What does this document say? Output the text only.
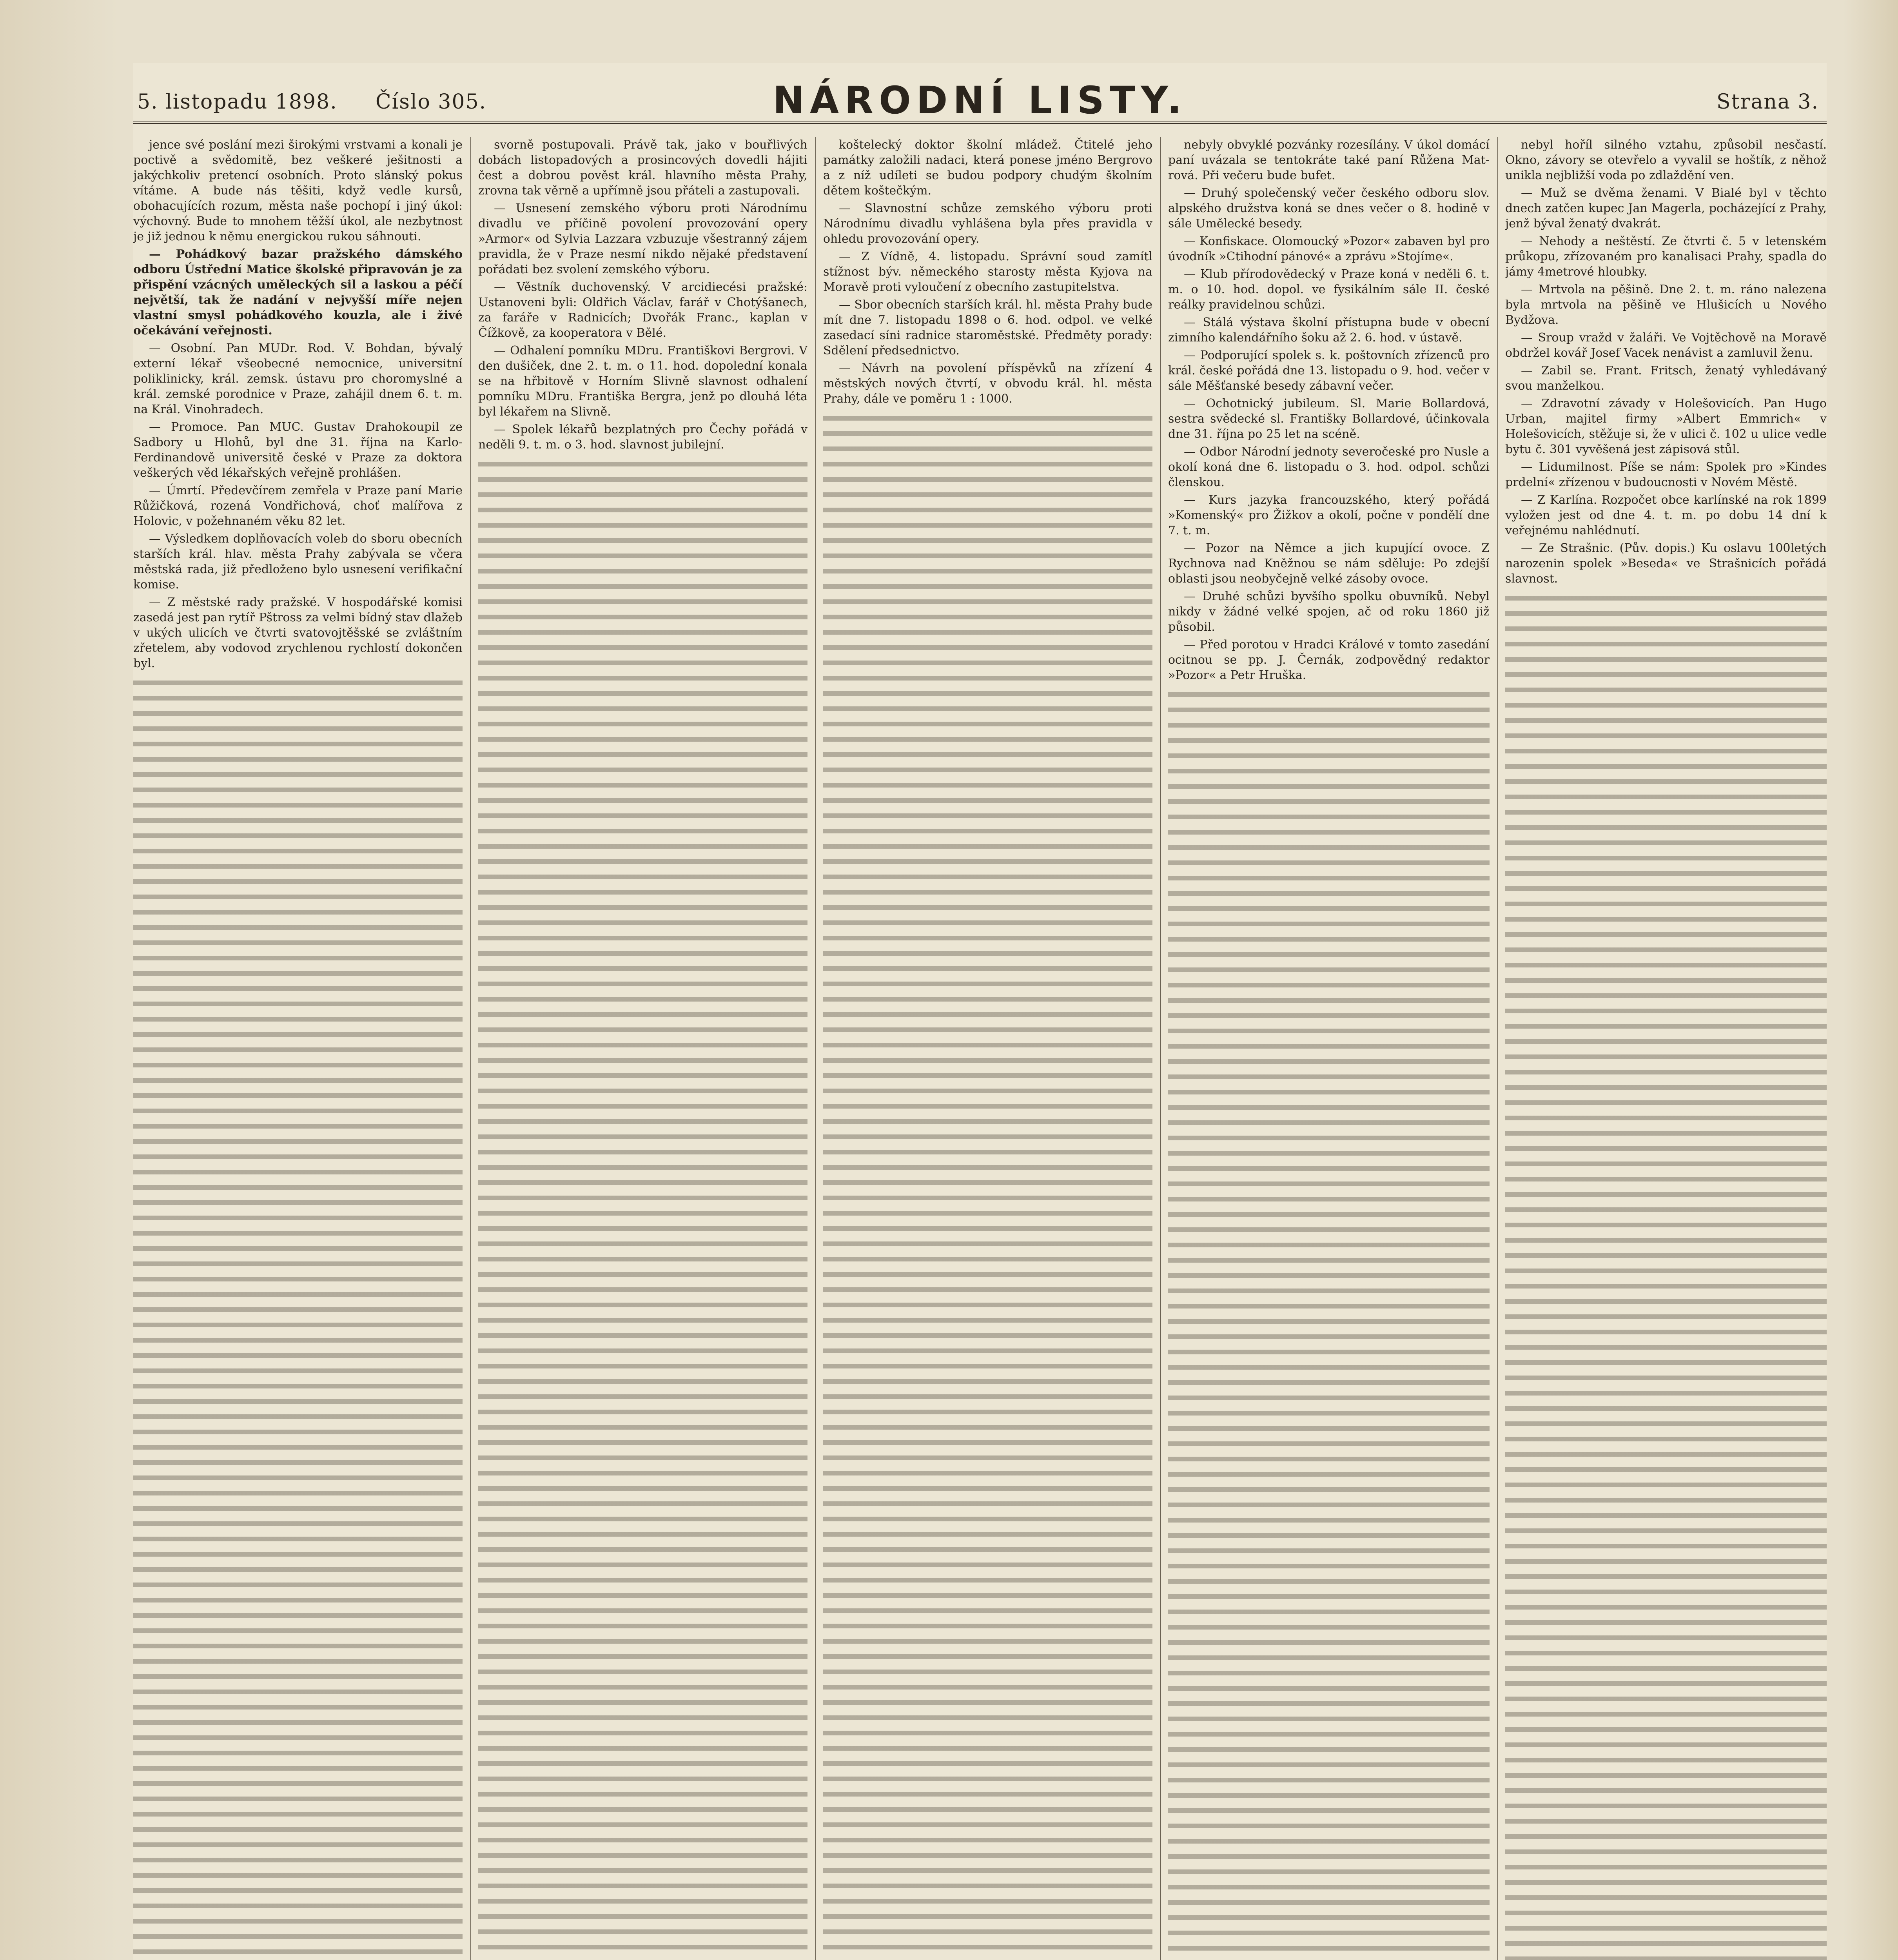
5. listopadu 1898. Číslo 305.	NÁRODNÍ LISTY.	Strana 3.

jence své poslání mezi širokými vrstvami a konali je poctivě a svědomitě, bez veškeré ješitnosti a jakýchkoliv pretencí osobních. Proto slánský pokus vítáme. A bude nás těšiti, když vedle kursů, obohacujících rozum, města naše pochopí i jiný úkol: výchovný. Bude to mnohem těžší úkol, ale nezbytnost je již jednou k němu energickou rukou sáhnouti.

— Pohádkový bazar pražského dámského odboru Ústřední Matice školské připravován je za přispění vzácných uměleckých sil a laskou a péčí největší, tak že nadání v nejvyšší míře nejen vlastní smysl pohádkového kouzla, ale i živé očekávání veřejnosti.

— Osobní. Pan MUDr. Rod. V. Bohdan, bývalý externí lékař všeobecné nemocnice, universitní poliklinicky, král. zemsk. ústavu pro choromyslné a král. zemské porodnice v Praze, zahájil dnem 6. t. m. na Král. Vinohradech.

— Promoce. Pan MUC. Gustav Drahokoupil ze Sadbory u Hlohů, byl dne 31. října na Karlo-Ferdinandově universitě české v Praze za doktora veškerých věd lékařských veřejně prohlášen.

— Úmrtí. Předevčírem zemřela v Praze paní Marie Růžičková, rozená Vondřichová, choť malířova z Holovic, v požehnaném věku 82 let.

— Výsledkem doplňovacích voleb do sboru obecních starších král. hlav. města Prahy zabývala se včera městská rada, již předloženo bylo usnesení verifikační komise.

— Z městské rady pražské. V hospodářské komisi zasedá jest pan rytíř Pštross za velmi bídný stav dlažeb v ukých ulicích ve čtvrti svatovojtěšské se zvláštním zřetelem, aby vodovod zrychlenou rychlostí dokončen byl.

svorně postupovali. Právě tak, jako v bouřlivých dobách listopadových a prosincových dovedli hájiti čest a dobrou pověst král. hlavního města Prahy, zrovna tak věrně a upřímně jsou přáteli a zastupovali.

— Usnesení zemského výboru proti Národnímu divadlu ve příčině povolení provozování opery »Armor« od Sylvia Lazzara vzbuzuje všestranný zájem pravidla, že v Praze nesmí nikdo nějaké představení pořádati bez svolení zemského výboru.

— Věstník duchovenský. V arcidiecési pražské: Ustanoveni byli: Oldřich Václav, farář v Chotýšanech, za faráře v Radnicích; Dvořák Franc., kaplan v Čížkově, za kooperatora v Bělé.

— Odhalení pomníku MDru. Františkovi Bergrovi. V den dušiček, dne 2. t. m. o 11. hod. dopolední konala se na hřbitově v Horním Slivně slavnost odhalení pomníku MDru. Františka Bergra, jenž po dlouhá léta byl lékařem na Slivně.

— Spolek lékařů bezplatných pro Čechy pořádá v neděli 9. t. m. o 3. hod. slavnost jubilejní.

koštelecký doktor školní mládež. Čtitelé jeho památky založili nadaci, která ponese jméno Bergrovo a z níž udíleti se budou podpory chudým školním dětem koštečkým.

— Slavnostní schůze zemského výboru proti Národnímu divadlu vyhlášena byla přes pravidla v ohledu provozování opery.

— Z Vídně, 4. listopadu. Správní soud zamítl stížnost býv. německého starosty města Kyjova na Moravě proti vyloučení z obecního zastupitelstva.

— Sbor obecních starších král. hl. města Prahy bude mít dne 7. listopadu 1898 o 6. hod. odpol. ve velké zasedací síni radnice staroměstské. Předměty porady: Sdělení předsednictvo.

— Návrh na povolení příspěvků na zřízení 4 městských nových čtvrtí, v obvodu král. hl. města Prahy, dále ve poměru 1 : 1000.

nebyly obvyklé pozvánky rozesílány. V úkol domácí paní uvázala se tentokráte také paní Růžena Mat-rová. Při večeru bude bufet.

— Druhý společenský večer českého odboru slov. alpského družstva koná se dnes večer o 8. hodině v sále Umělecké besedy.

— Konfiskace. Olomoucký »Pozor« zabaven byl pro úvodník »Ctihodní pánové« a zprávu »Stojíme«.

— Klub přírodovědecký v Praze koná v neděli 6. t. m. o 10. hod. dopol. ve fysikálním sále II. české reálky pravidelnou schůzi.

— Stálá výstava školní přístupna bude v obecní zimního kalendářního šoku až 2. 6. hod. v ústavě.

— Podporující spolek s. k. poštovních zřízenců pro král. české pořádá dne 13. listopadu o 9. hod. večer v sále Měšťanské besedy zábavní večer.

— Ochotnický jubileum. Sl. Marie Bollardová, sestra svědecké sl. Františky Bollardové, účinkovala dne 31. října po 25 let na scéně.

— Odbor Národní jednoty severočeské pro Nusle a okolí koná dne 6. listopadu o 3. hod. odpol. schůzi členskou.

— Kurs jazyka francouzského, který pořádá »Komenský« pro Žižkov a okolí, počne v pondělí dne 7. t. m.

— Pozor na Němce a jich kupující ovoce. Z Rychnova nad Kněžnou se nám sděluje: Po zdejší oblasti jsou neobyčejně velké zásoby ovoce.

— Druhé schůzi byvšího spolku obuvníků. Nebyl nikdy v žádné velké spojen, ač od roku 1860 již působil.

— Před porotou v Hradci Králové v tomto zasedání ocitnou se pp. J. Černák, zodpovědný redaktor »Pozor« a Petr Hruška.

nebyl hoříl silného vztahu, způsobil nesčastí. Okno, závory se otevřelo a vyvalil se hoštík, z něhož unikla nejbližší voda po zdlaždění ven.

— Muž se dvěma ženami. V Bialé byl v těchto dnech zatčen kupec Jan Magerla, pocházející z Prahy, jenž býval ženatý dvakrát.

— Nehody a neštěstí. Ze čtvrti č. 5 v letenském průkopu, zřízovaném pro kanalisaci Prahy, spadla do jámy 4metrové hloubky.

— Mrtvola na pěšině. Dne 2. t. m. ráno nalezena byla mrtvola na pěšině ve Hlušicích u Nového Bydžova.

— Sroup vražd v žaláři. Ve Vojtěchově na Moravě obdržel kovář Josef Vacek nenávist a zamluvil ženu.

— Zabil se. Frant. Fritsch, ženatý vyhledávaný svou manželkou.

— Zdravotní závady v Holešovicích. Pan Hugo Urban, majitel firmy »Albert Emmrich« v Holešovicích, stěžuje si, že v ulici č. 102 u ulice vedle bytu č. 301 vyvěšená jest zápisová stůl.

— Lidumilnost. Píše se nám: Spolek pro »Kindes prdelní« zřízenou v budoucnosti v Novém Městě.

— Z Karlína. Rozpočet obce karlínské na rok 1899 vyložen jest od dne 4. t. m. po dobu 14 dní k veřejnému nahlédnutí.

— Ze Strašnic. (Pův. dopis.) Ku oslavu 100letých narozenin spolek »Beseda« ve Strašnicích pořádá slavnost.
